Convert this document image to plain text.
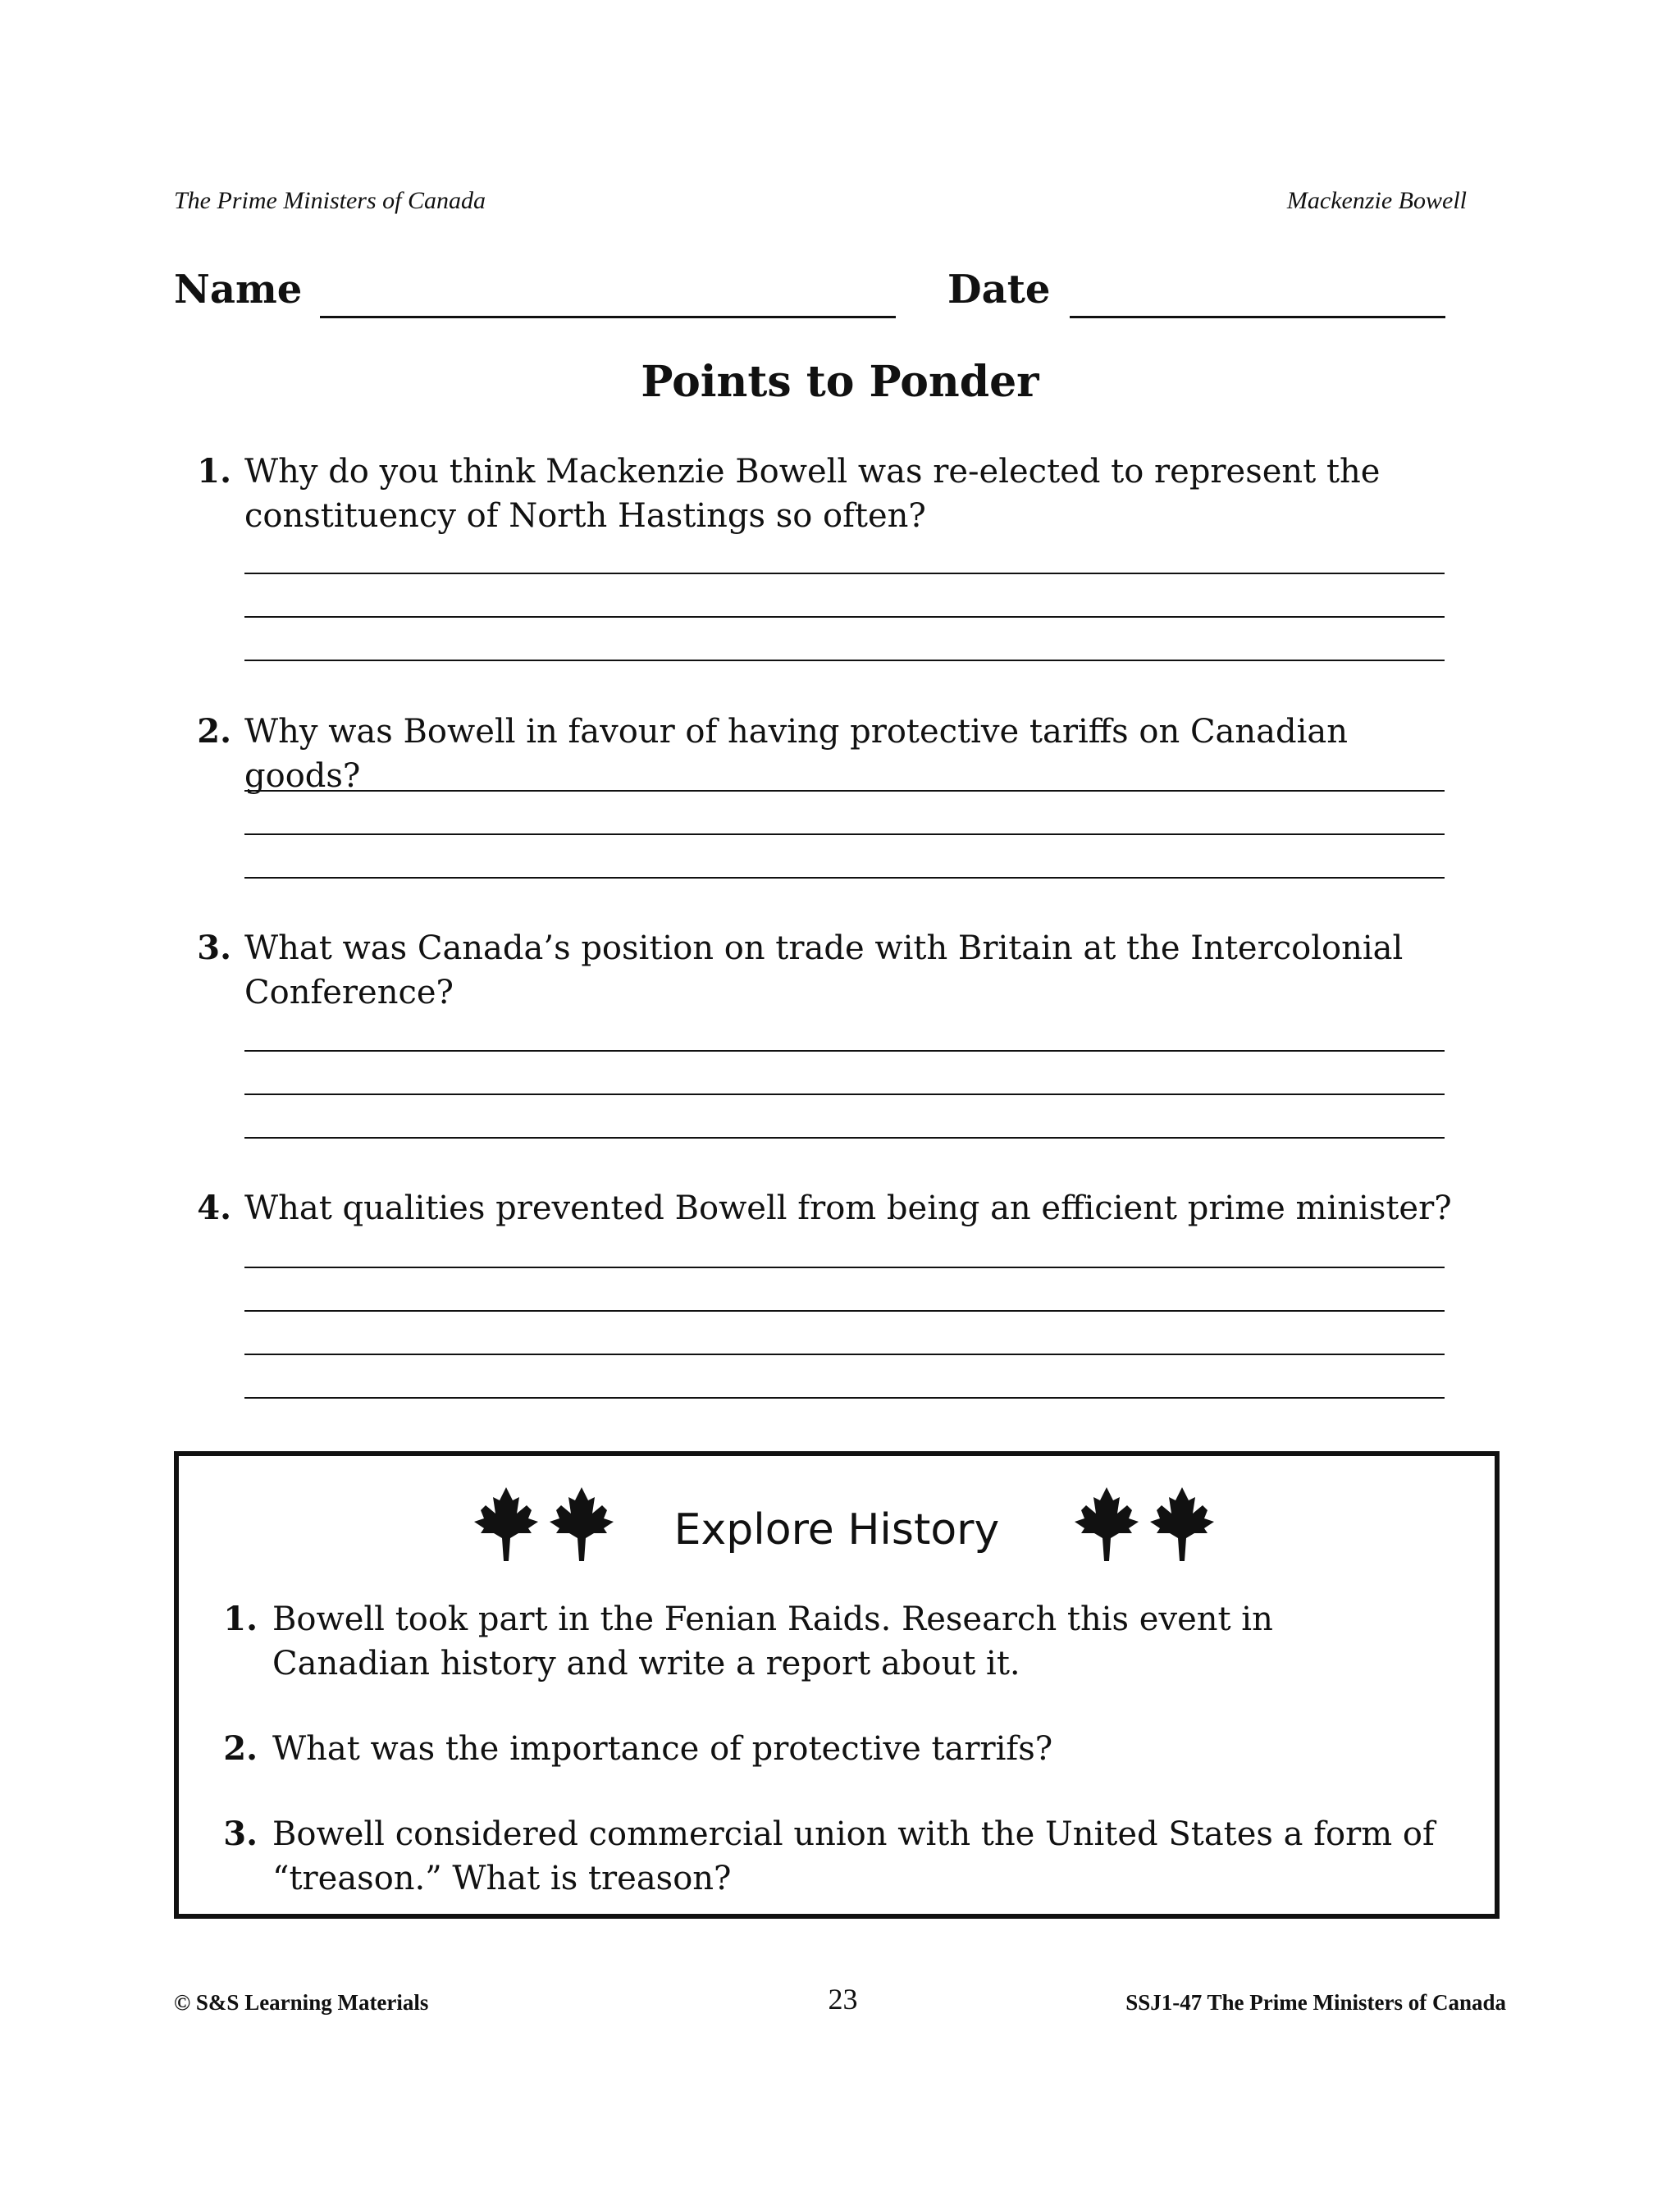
The Prime Ministers of Canada	Mackenzie Bowell
Name	Date
Points to Ponder
1. Why do you think Mackenzie Bowell was re-elected to represent the constituency of North Hastings so often?
2. Why was Bowell in favour of having protective tariffs on Canadian goods?
3. What was Canada’s position on trade with Britain at the Intercolonial Conference?
4. What qualities prevented Bowell from being an efficient prime minister?
Explore History
1. Bowell took part in the Fenian Raids. Research this event in Canadian history and write a report about it.
2. What was the importance of protective tarrifs?
3. Bowell considered commercial union with the United States a form of “treason.” What is treason?
© S&S Learning Materials	23	SSJ1-47 The Prime Ministers of Canada
